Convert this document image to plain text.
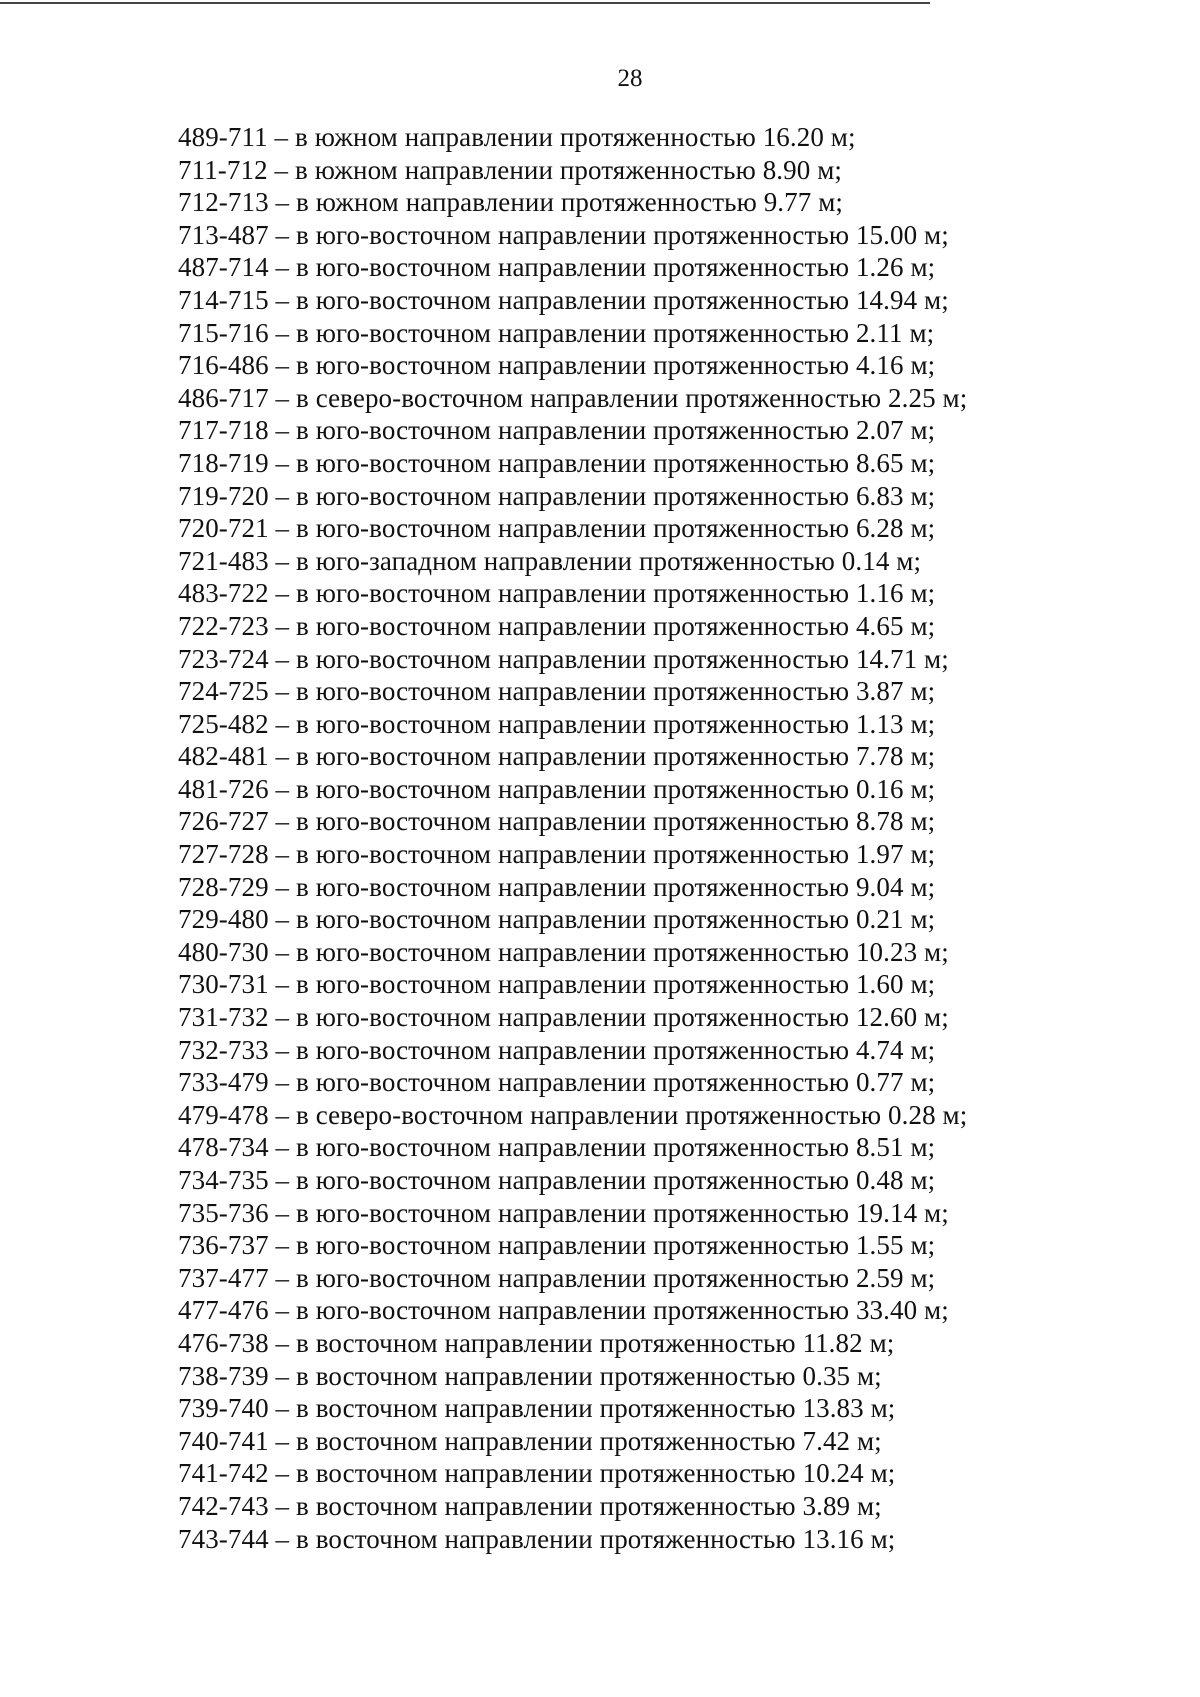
28
489-711 – в южном направлении протяженностью 16.20 м;
711-712 – в южном направлении протяженностью 8.90 м;
712-713 – в южном направлении протяженностью 9.77 м;
713-487 – в юго-восточном направлении протяженностью 15.00 м;
487-714 – в юго-восточном направлении протяженностью 1.26 м;
714-715 – в юго-восточном направлении протяженностью 14.94 м;
715-716 – в юго-восточном направлении протяженностью 2.11 м;
716-486 – в юго-восточном направлении протяженностью 4.16 м;
486-717 – в северо-восточном направлении протяженностью 2.25 м;
717-718 – в юго-восточном направлении протяженностью 2.07 м;
718-719 – в юго-восточном направлении протяженностью 8.65 м;
719-720 – в юго-восточном направлении протяженностью 6.83 м;
720-721 – в юго-восточном направлении протяженностью 6.28 м;
721-483 – в юго-западном направлении протяженностью 0.14 м;
483-722 – в юго-восточном направлении протяженностью 1.16 м;
722-723 – в юго-восточном направлении протяженностью 4.65 м;
723-724 – в юго-восточном направлении протяженностью 14.71 м;
724-725 – в юго-восточном направлении протяженностью 3.87 м;
725-482 – в юго-восточном направлении протяженностью 1.13 м;
482-481 – в юго-восточном направлении протяженностью 7.78 м;
481-726 – в юго-восточном направлении протяженностью 0.16 м;
726-727 – в юго-восточном направлении протяженностью 8.78 м;
727-728 – в юго-восточном направлении протяженностью 1.97 м;
728-729 – в юго-восточном направлении протяженностью 9.04 м;
729-480 – в юго-восточном направлении протяженностью 0.21 м;
480-730 – в юго-восточном направлении протяженностью 10.23 м;
730-731 – в юго-восточном направлении протяженностью 1.60 м;
731-732 – в юго-восточном направлении протяженностью 12.60 м;
732-733 – в юго-восточном направлении протяженностью 4.74 м;
733-479 – в юго-восточном направлении протяженностью 0.77 м;
479-478 – в северо-восточном направлении протяженностью 0.28 м;
478-734 – в юго-восточном направлении протяженностью 8.51 м;
734-735 – в юго-восточном направлении протяженностью 0.48 м;
735-736 – в юго-восточном направлении протяженностью 19.14 м;
736-737 – в юго-восточном направлении протяженностью 1.55 м;
737-477 – в юго-восточном направлении протяженностью 2.59 м;
477-476 – в юго-восточном направлении протяженностью 33.40 м;
476-738 – в восточном направлении протяженностью 11.82 м;
738-739 – в восточном направлении протяженностью 0.35 м;
739-740 – в восточном направлении протяженностью 13.83 м;
740-741 – в восточном направлении протяженностью 7.42 м;
741-742 – в восточном направлении протяженностью 10.24 м;
742-743 – в восточном направлении протяженностью 3.89 м;
743-744 – в восточном направлении протяженностью 13.16 м;
